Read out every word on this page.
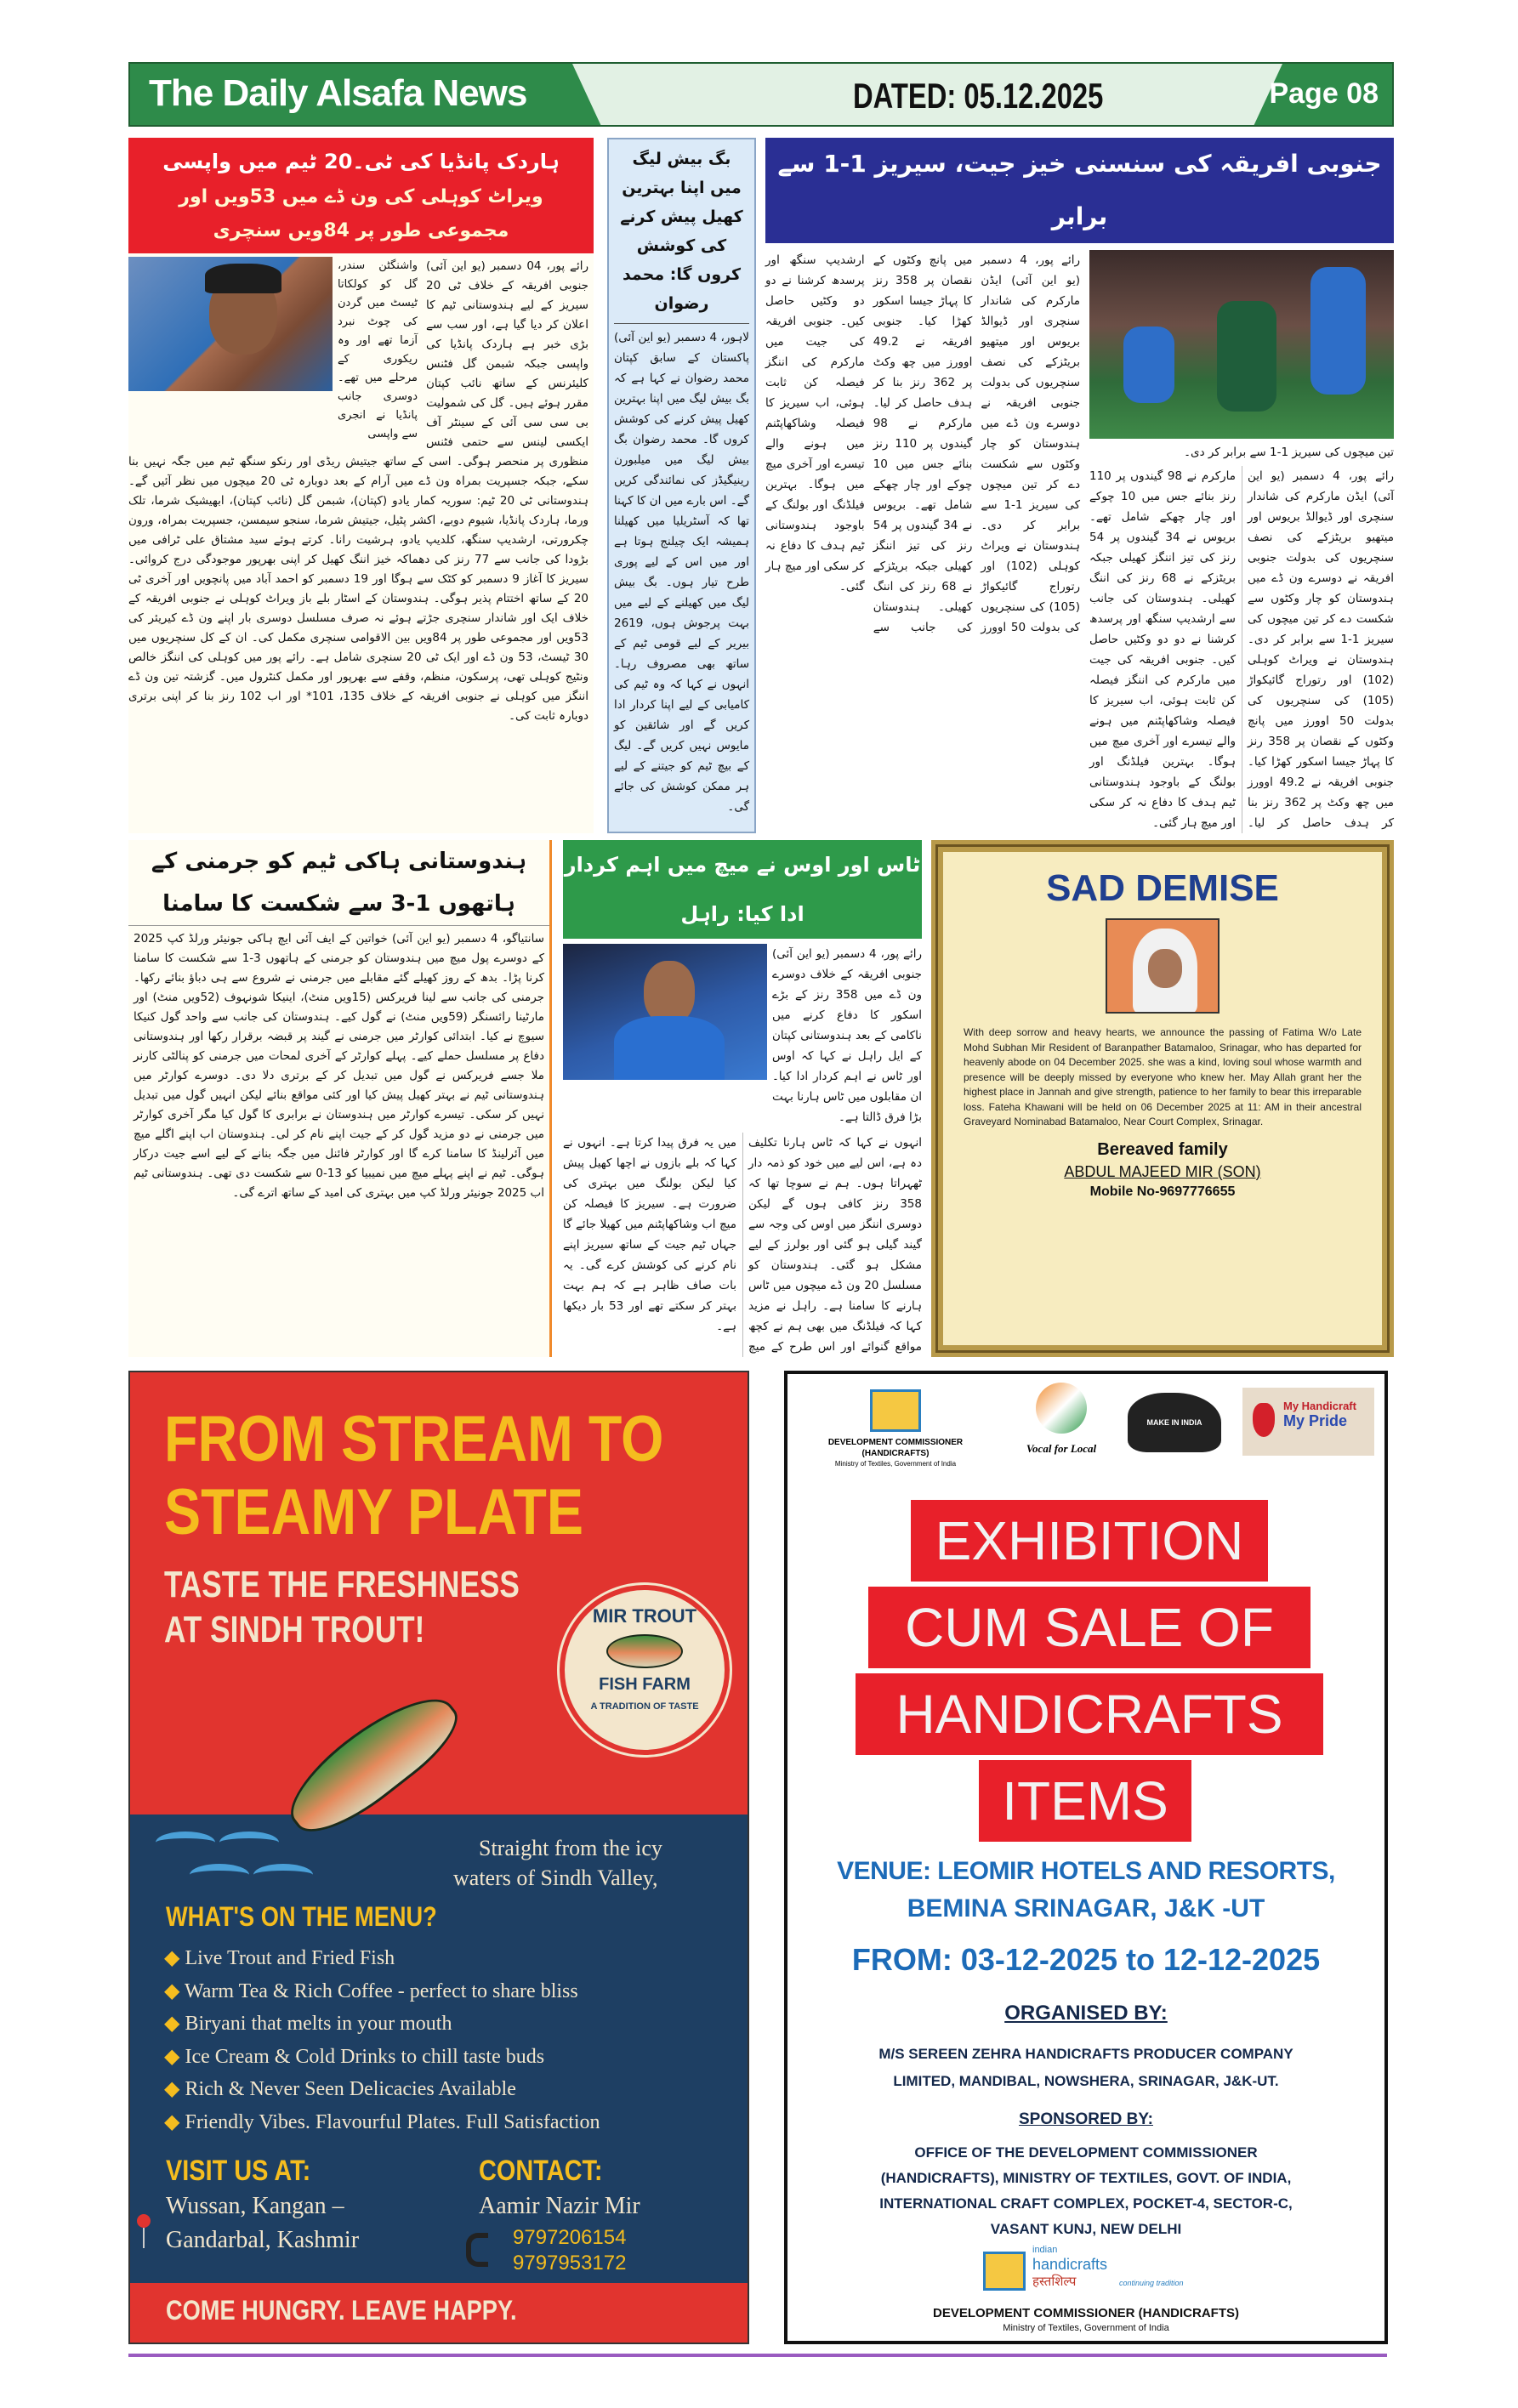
The Daily Alsafa News	DATED: 05.12.2025	Page 08
ہاردک پانڈیا کی ٹی۔20 ٹیم میں واپسی
ویراٹ کوہلی کی ون ڈے میں 53ویں اور مجموعی طور پر 84ویں سنچری
واشنگٹن سندر، گل کو کولکاتا ٹیسٹ میں گردن کی چوٹ نبرد آزما تھے اور وہ ریکوری کے مرحلے میں تھے۔ دوسری جانب پانڈیا نے انجری سے واپسی
رائے پور، 04 دسمبر (یو این آئی) جنوبی افریقہ کے خلاف ٹی 20 سیریز کے لیے ہندوستانی ٹیم کا اعلان کر دیا گیا ہے، اور سب سے بڑی خبر ہے ہاردک پانڈیا کی واپسی جبکہ شبمن گل فٹنس کلیئرنس کے ساتھ نائب کپتان مقرر ہوئے ہیں۔ گل کی شمولیت بی سی سی آئی کے سینٹر آف ایکسی لینس سے حتمی فٹنس منظوری پر منحصر ہوگی۔ اسی کے ساتھ جیتیش ریڈی اور رنکو سنگھ ٹیم میں جگہ نہیں بنا سکے، جبکہ جسپریت بمراہ ون ڈے میں آرام کے بعد دوبارہ ٹی 20 میچوں میں نظر آئیں گے۔ ہندوستانی ٹی 20 ٹیم: سوریہ کمار یادو (کپتان)، شبمن گل (نائب کپتان)، ابھیشیک شرما، تلک ورما، ہاردک پانڈیا، شیوم دوبے، اکشر پٹیل، جیتیش شرما، سنجو سیمسن، جسپریت بمراہ، ورون چکرورتی، ارشدیپ سنگھ، کلدیپ یادو، ہرشیت رانا۔ کرتے ہوئے سید مشتاق علی ٹرافی میں بڑودا کی جانب سے 77 رنز کی دھماکہ خیز اننگ کھیل کر اپنی بھرپور موجودگی درج کروائی۔ سیریز کا آغاز 9 دسمبر کو کٹک سے ہوگا اور 19 دسمبر کو احمد آباد میں پانچویں اور آخری ٹی 20 کے ساتھ اختتام پذیر ہوگی۔ ہندوستان کے اسٹار بلے باز ویراٹ کوہلی نے جنوبی افریقہ کے خلاف ایک اور شاندار سنچری جڑتے ہوئے نہ صرف مسلسل دوسری بار اپنے ون ڈے کیریئر کی 53ویں اور مجموعی طور پر 84ویں بین الاقوامی سنچری مکمل کی۔ ان کے کل سنچریوں میں 30 ٹیسٹ، 53 ون ڈے اور ایک ٹی 20 سنچری شامل ہے۔ رائے پور میں کوہلی کی اننگز خالص ونٹیج کوہلی تھی، پرسکون، منظم، وقفے سے بھرپور اور مکمل کنٹرول میں۔ گزشتہ تین ون ڈے اننگز میں کوہلی نے جنوبی افریقہ کے خلاف 135، 101* اور اب 102 رنز بنا کر اپنی برتری دوبارہ ثابت کی۔
بگ بیش لیگ میں اپنا بہترین کھیل پیش کرنے کی کوشش کروں گا: محمد رضوان
لاہور، 4 دسمبر (یو این آئی) پاکستان کے سابق کپتان محمد رضوان نے کہا ہے کہ بگ بیش لیگ میں اپنا بہترین کھیل پیش کرنے کی کوشش کروں گا۔ محمد رضوان بگ بیش لیگ میں میلبورن رینیگیڈز کی نمائندگی کریں گے۔ اس بارے میں ان کا کہنا تھا کہ آسٹریلیا میں کھیلنا ہمیشہ ایک چیلنج ہوتا ہے اور میں اس کے لیے پوری طرح تیار ہوں۔ بگ بیش لیگ میں کھیلنے کے لیے میں بہت پرجوش ہوں، 2619 بیریر کے لیے قومی ٹیم کے ساتھ بھی مصروف رہا۔ انہوں نے کہا کہ وہ ٹیم کی کامیابی کے لیے اپنا کردار ادا کریں گے اور شائقین کو مایوس نہیں کریں گے۔ لیگ کے بیچ ٹیم کو جیتنے کے لیے ہر ممکن کوشش کی جائے گی۔
جنوبی افریقہ کی سنسنی خیز جیت، سیریز 1-1 سے برابر
رائے پور، 4 دسمبر (یو این آئی) ایڈن مارکرم کی شاندار سنچری اور ڈیوالڈ بریوس اور میتھیو بریٹزکے کی نصف سنچریوں کی بدولت جنوبی افریقہ نے دوسرے ون ڈے میں ہندوستان کو چار وکٹوں سے شکست دے کر تین میچوں کی سیریز 1-1 سے برابر کر دی۔ ہندوستان نے ویراٹ کوہلی (102) اور رتوراج گائیکواڑ (105) کی سنچریوں کی بدولت 50 اوورز میں پانچ وکٹوں کے نقصان پر 358 رنز کا پہاڑ جیسا اسکور کھڑا کیا۔ جنوبی افریقہ نے 49.2 اوورز میں چھ وکٹ پر 362 رنز بنا کر ہدف حاصل کر لیا۔ مارکرم نے 98 گیندوں پر 110 رنز بنائے جس میں 10 چوکے اور چار چھکے شامل تھے۔ بریوس نے 34 گیندوں پر 54 رنز کی تیز اننگز کھیلی جبکہ بریٹزکے نے 68 رنز کی اننگ کھیلی۔ ہندوستان کی جانب سے ارشدیپ سنگھ اور پرسدھ کرشنا نے دو دو وکٹیں حاصل کیں۔ جنوبی افریقہ کی جیت میں مارکرم کی اننگز فیصلہ کن ثابت ہوئی، اب سیریز کا فیصلہ وشاکھاپٹنم میں ہونے والے تیسرے اور آخری میچ میں ہوگا۔ بہترین فیلڈنگ اور بولنگ کے باوجود ہندوستانی ٹیم ہدف کا دفاع نہ کر سکی اور میچ ہار گئی۔
تین میچوں کی سیریز 1-1 سے برابر کر دی۔
رائے پور، 4 دسمبر (یو این آئی) ایڈن مارکرم کی شاندار سنچری اور ڈیوالڈ بریوس اور میتھیو بریٹزکے کی نصف سنچریوں کی بدولت جنوبی افریقہ نے دوسرے ون ڈے میں ہندوستان کو چار وکٹوں سے شکست دے کر تین میچوں کی سیریز 1-1 سے برابر کر دی۔ ہندوستان نے ویراٹ کوہلی (102) اور رتوراج گائیکواڑ (105) کی سنچریوں کی بدولت 50 اوورز میں پانچ وکٹوں کے نقصان پر 358 رنز کا پہاڑ جیسا اسکور کھڑا کیا۔ جنوبی افریقہ نے 49.2 اوورز میں چھ وکٹ پر 362 رنز بنا کر ہدف حاصل کر لیا۔ مارکرم نے 98 گیندوں پر 110 رنز بنائے جس میں 10 چوکے اور چار چھکے شامل تھے۔ بریوس نے 34 گیندوں پر 54 رنز کی تیز اننگز کھیلی جبکہ بریٹزکے نے 68 رنز کی اننگ کھیلی۔ ہندوستان کی جانب سے ارشدیپ سنگھ اور پرسدھ کرشنا نے دو دو وکٹیں حاصل کیں۔ جنوبی افریقہ کی جیت میں مارکرم کی اننگز فیصلہ کن ثابت ہوئی، اب سیریز کا فیصلہ وشاکھاپٹنم میں ہونے والے تیسرے اور آخری میچ میں ہوگا۔ بہترین فیلڈنگ اور بولنگ کے باوجود ہندوستانی ٹیم ہدف کا دفاع نہ کر سکی اور میچ ہار گئی۔
ہندوستانی ہاکی ٹیم کو جرمنی کے ہاتھوں 1-3 سے شکست کا سامنا
سانتیاگو، 4 دسمبر (یو این آئی) خواتین کے ایف آئی ایچ ہاکی جونیئر ورلڈ کپ 2025 کے دوسرے پول میچ میں ہندوستان کو جرمنی کے ہاتھوں 3-1 سے شکست کا سامنا کرنا پڑا۔ بدھ کے روز کھیلے گئے مقابلے میں جرمنی نے شروع سے ہی دباؤ بنائے رکھا۔ جرمنی کی جانب سے لینا فریرکس (15ویں منٹ)، اینیکا شونہوف (52ویں منٹ) اور مارٹینا رائسنگر (59ویں منٹ) نے گول کیے۔ ہندوستان کی جانب سے واحد گول کنیکا سیوچ نے کیا۔ ابتدائی کوارٹر میں جرمنی نے گیند پر قبضہ برقرار رکھا اور ہندوستانی دفاع پر مسلسل حملے کیے۔ پہلے کوارٹر کے آخری لمحات میں جرمنی کو پنالٹی کارنر ملا جسے فریرکس نے گول میں تبدیل کر کے برتری دلا دی۔ دوسرے کوارٹر میں ہندوستانی ٹیم نے بہتر کھیل پیش کیا اور کئی مواقع بنائے لیکن انہیں گول میں تبدیل نہیں کر سکی۔ تیسرے کوارٹر میں ہندوستان نے برابری کا گول کیا مگر آخری کوارٹر میں جرمنی نے دو مزید گول کر کے جیت اپنے نام کر لی۔ ہندوستان اب اپنے اگلے میچ میں آئرلینڈ کا سامنا کرے گا اور کوارٹر فائنل میں جگہ بنانے کے لیے اسے جیت درکار ہوگی۔ ٹیم نے اپنے پہلے میچ میں نمیبیا کو 13-0 سے شکست دی تھی۔ ہندوستانی ٹیم اب 2025 جونیئر ورلڈ کپ میں بہتری کی امید کے ساتھ اترے گی۔
ٹاس اور اوس نے میچ میں اہم کردار ادا کیا: راہل
رائے پور، 4 دسمبر (یو این آئی) جنوبی افریقہ کے خلاف دوسرے ون ڈے میں 358 رنز کے بڑے اسکور کا دفاع کرنے میں ناکامی کے بعد ہندوستانی کپتان کے ایل راہل نے کہا کہ اوس اور ٹاس نے اہم کردار ادا کیا۔ ان مقابلوں میں ٹاس ہارنا بہت بڑا فرق ڈالتا ہے۔
انہوں نے کہا کہ ٹاس ہارنا تکلیف دہ ہے، اس لیے میں خود کو ذمہ دار ٹھہراتا ہوں۔ ہم نے سوچا تھا کہ 358 رنز کافی ہوں گے لیکن دوسری اننگز میں اوس کی وجہ سے گیند گیلی ہو گئی اور بولرز کے لیے مشکل ہو گئی۔ ہندوستان کو مسلسل 20 ون ڈے میچوں میں ٹاس ہارنے کا سامنا ہے۔ راہل نے مزید کہا کہ فیلڈنگ میں بھی ہم نے کچھ مواقع گنوائے اور اس طرح کے میچ میں یہ فرق پیدا کرتا ہے۔ انہوں نے کہا کہ بلے بازوں نے اچھا کھیل پیش کیا لیکن بولنگ میں بہتری کی ضرورت ہے۔ سیریز کا فیصلہ کن میچ اب وشاکھاپٹنم میں کھیلا جائے گا جہاں ٹیم جیت کے ساتھ سیریز اپنے نام کرنے کی کوشش کرے گی۔ یہ بات صاف ظاہر ہے کہ ہم بہت بہتر کر سکتے تھے اور 53 بار دیکھا ہے۔
SAD DEMISE
With deep sorrow and heavy hearts, we announce the passing of Fatima W/o Late Mohd Subhan Mir Resident of Baranpather Batamaloo, Srinagar, who has departed for heavenly abode on 04 December 2025. she was a kind, loving soul whose warmth and presence will be deeply missed by everyone who knew her. May Allah grant her the highest place in Jannah and give strength, patience to her family to bear this irreparable loss. Fateha Khawani will be held on 06 December 2025 at 11: AM in their ancestral Graveyard Nominabad Batamaloo, Near Court Complex, Srinagar.
Bereaved family
ABDUL MAJEED MIR (SON)
Mobile No-9697776655
FROM STREAM TO STEAMY PLATE
TASTE THE FRESHNESS
AT SINDH TROUT!	MIR TROUT
FISH FARM
A TRADITION OF TASTE
Straight from the icy
waters of Sindh Valley,
WHAT'S ON THE MENU?
◆ Live Trout and Fried Fish
◆ Warm Tea & Rich Coffee - perfect to share bliss
◆ Biryani that melts in your mouth
◆ Ice Cream & Cold Drinks to chill taste buds
◆ Rich & Never Seen Delicacies Available
◆ Friendly Vibes. Flavourful Plates. Full Satisfaction
VISIT US AT:
Wussan, Kangan –
Gandarbal, Kashmir
CONTACT:
Aamir Nazir Mir
9797206154
9797953172
COME HUNGRY. LEAVE HAPPY.
DEVELOPMENT COMMISSIONER (HANDICRAFTS)
Ministry of Textiles, Government of India
Vocal for Local
MAKE IN INDIA
My Handicraft
My Pride
EXHIBITION
CUM SALE OF
HANDICRAFTS
ITEMS
VENUE: LEOMIR HOTELS AND RESORTS,
BEMINA SRINAGAR, J&K -UT
FROM: 03-12-2025 to 12-12-2025
ORGANISED BY:
M/S SEREEN ZEHRA HANDICRAFTS PRODUCER COMPANY
LIMITED, MANDIBAL, NOWSHERA, SRINAGAR, J&K-UT.
SPONSORED BY:
OFFICE OF THE DEVELOPMENT COMMISSIONER
(HANDICRAFTS), MINISTRY OF TEXTILES, GOVT. OF INDIA,
INTERNATIONAL CRAFT COMPLEX, POCKET-4, SECTOR-C,
VASANT KUNJ, NEW DELHI
indian
handicrafts
हस्तशिल्प	continuing tradition
DEVELOPMENT COMMISSIONER (HANDICRAFTS)
Ministry of Textiles, Government of India
